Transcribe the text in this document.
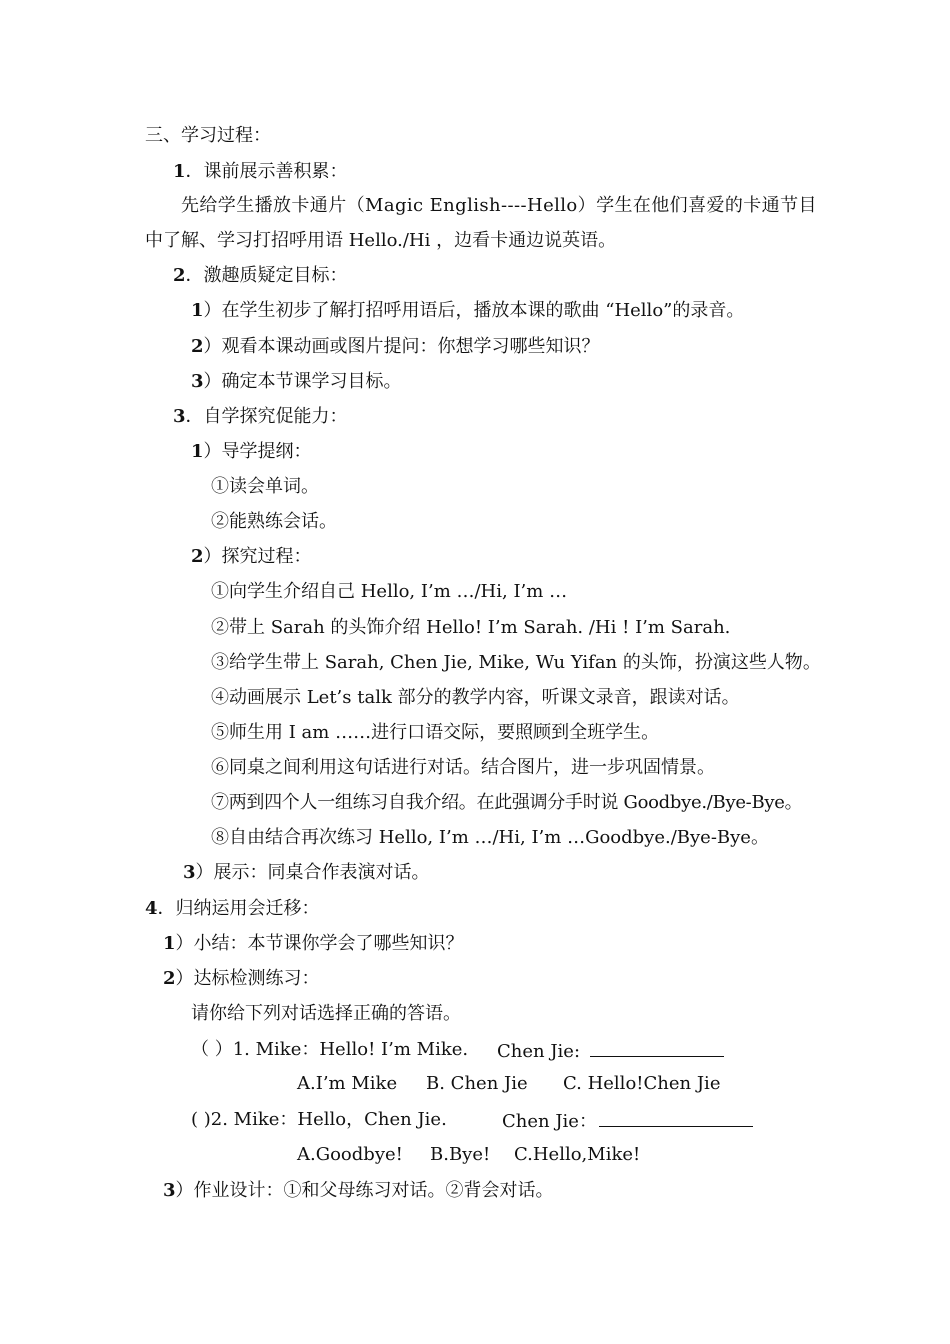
三、学习过程：
1．课前展示善积累：
先给学生播放卡通片（Magic English----Hello）学生在他们喜爱的卡通节目
中了解、学习打招呼用语 Hello./Hi ，边看卡通边说英语。
2．激趣质疑定目标：
1）在学生初步了解打招呼用语后，播放本课的歌曲 “Hello”的录音。
2）观看本课动画或图片提问：你想学习哪些知识？
3）确定本节课学习目标。
3．自学探究促能力：
1）导学提纲：
①读会单词。
②能熟练会话。
2）探究过程：
①向学生介绍自己 Hello, I’m …/Hi, I’m …
②带上 Sarah 的头饰介绍 Hello! I’m Sarah. /Hi ! I’m Sarah.
③给学生带上 Sarah, Chen Jie, Mike, Wu Yifan 的头饰，扮演这些人物。
④动画展示 Let’s talk 部分的教学内容，听课文录音，跟读对话。
⑤师生用 I am ……进行口语交际，要照顾到全班学生。
⑥同桌之间利用这句话进行对话。结合图片，进一步巩固情景。
⑦两到四个人一组练习自我介绍。在此强调分手时说 Goodbye./Bye-Bye。
⑧自由结合再次练习 Hello, I’m …/Hi, I’m …Goodbye./Bye-Bye。
3）展示：同桌合作表演对话。
4．归纳运用会迁移：
1）小结：本节课你学会了哪些知识？
2）达标检测练习：
请你给下列对话选择正确的答语。
（ ）1. Mike：Hello! I’m Mike. Chen Jie:
A.I’m Mike B. Chen Jie C. Hello!Chen Jie
( )2. Mike：Hello，Chen Jie.	Chen Jie：
A.Goodbye! B.Bye! C.Hello,Mike!
3）作业设计：①和父母练习对话。②背会对话。
